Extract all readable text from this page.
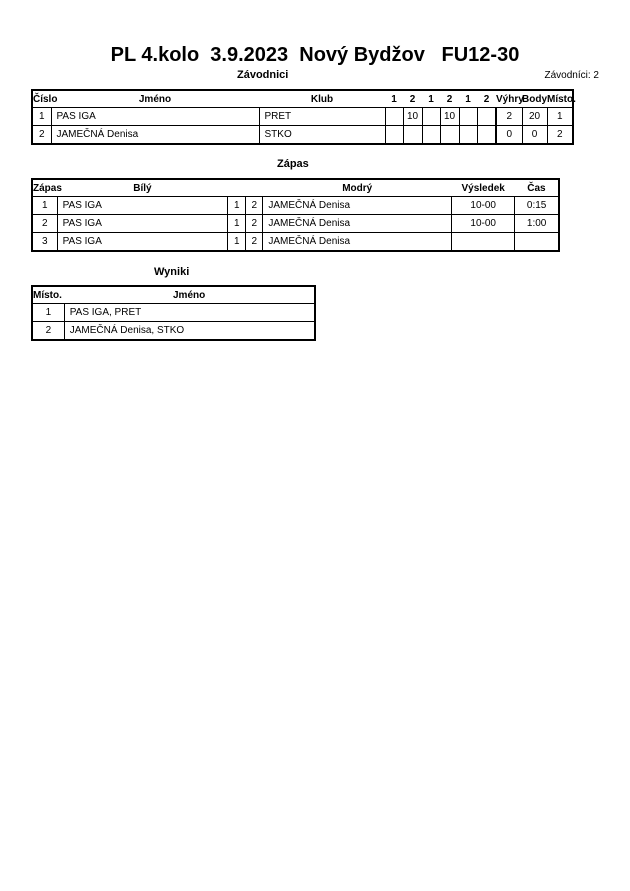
PL 4.kolo  3.9.2023  Nový Bydžov   FU12-30
Závodnici	Závodníci: 2
Číslo	Jméno	Klub	1	2	1	2	1	2	Výhry	Body	Místo.
1	PAS IGA	PRET		10		10			2	20	1
2	JAMEČNÁ Denisa	STKO							0	0	2
Zápas
Zápas	Bílý			Modrý	Výsledek	Čas
1	PAS IGA	1	2	JAMEČNÁ Denisa	10-00	0:15
2	PAS IGA	1	2	JAMEČNÁ Denisa	10-00	1:00
3	PAS IGA	1	2	JAMEČNÁ Denisa		
Wyniki
Místo.	Jméno
1	PAS IGA, PRET
2	JAMEČNÁ Denisa, STKO
